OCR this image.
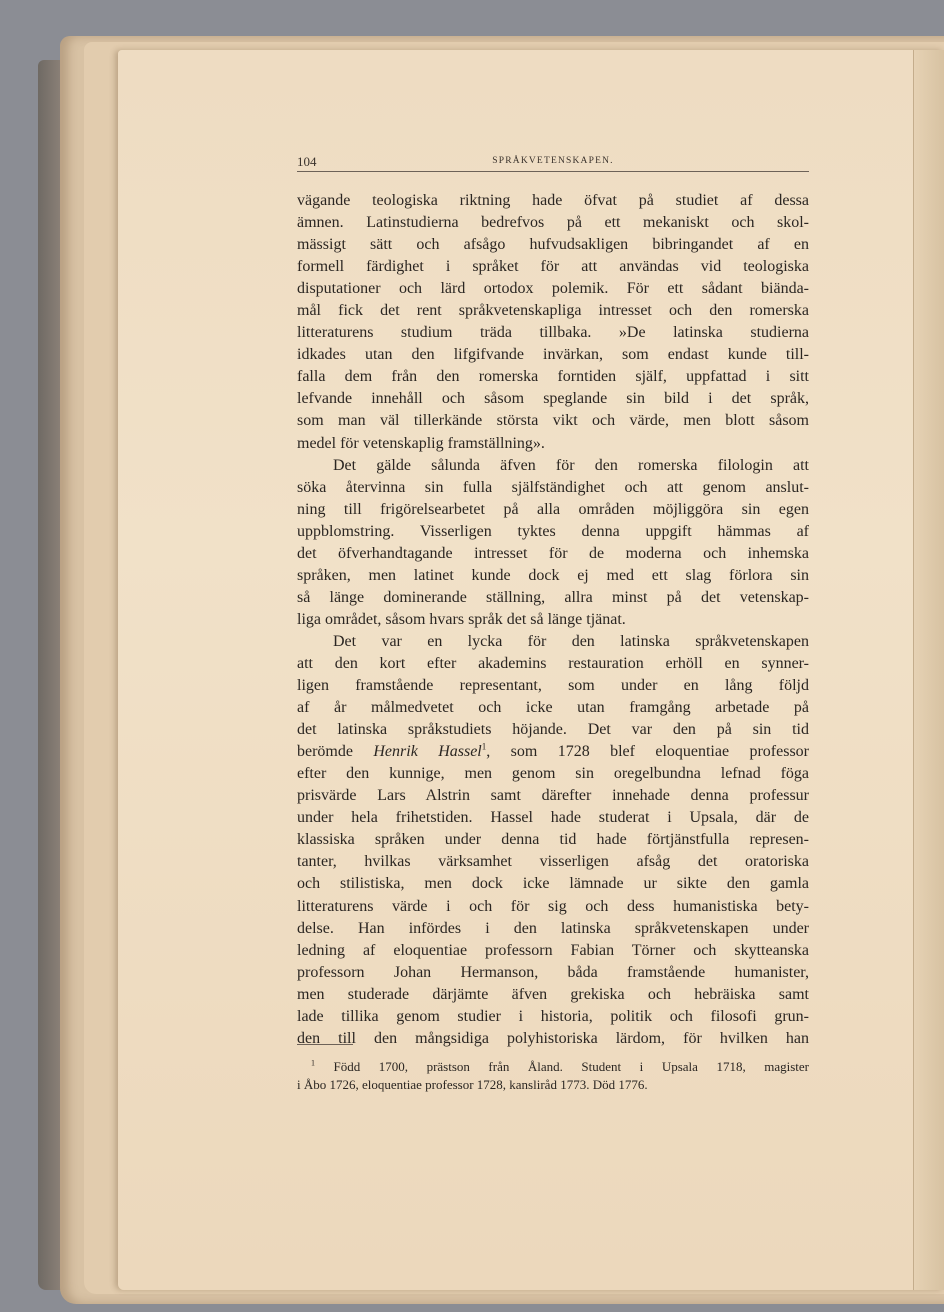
104	SPRÅKVETENSKAPEN.
vägande teologiska riktning hade öfvat på studiet af dessa
ämnen. Latinstudierna bedrefvos på ett mekaniskt och skol-
mässigt sätt och afsågo hufvudsakligen bibringandet af en
formell färdighet i språket för att användas vid teologiska
disputationer och lärd ortodox polemik. För ett sådant biända-
mål fick det rent språkvetenskapliga intresset och den romerska
litteraturens studium träda tillbaka. »De latinska studierna
idkades utan den lifgifvande invärkan, som endast kunde till-
falla dem från den romerska forntiden själf, uppfattad i sitt
lefvande innehåll och såsom speglande sin bild i det språk,
som man väl tillerkände största vikt och värde, men blott såsom
medel för vetenskaplig framställning».
Det gälde sålunda äfven för den romerska filologin att
söka återvinna sin fulla själfständighet och att genom anslut-
ning till frigörelsearbetet på alla områden möjliggöra sin egen
uppblomstring. Visserligen tyktes denna uppgift hämmas af
det öfverhandtagande intresset för de moderna och inhemska
språken, men latinet kunde dock ej med ett slag förlora sin
så länge dominerande ställning, allra minst på det vetenskap-
liga området, såsom hvars språk det så länge tjänat.
Det var en lycka för den latinska språkvetenskapen
att den kort efter akademins restauration erhöll en synner-
ligen framstående representant, som under en lång följd
af år målmedvetet och icke utan framgång arbetade på
det latinska språkstudiets höjande. Det var den på sin tid
berömde Henrik Hassel$^1$, som 1728 blef eloquentiae professor
efter den kunnige, men genom sin oregelbundna lefnad föga
prisvärde Lars Alstrin samt därefter innehade denna professur
under hela frihetstiden. Hassel hade studerat i Upsala, där de
klassiska språken under denna tid hade förtjänstfulla represen-
tanter, hvilkas värksamhet visserligen afsåg det oratoriska
och stilistiska, men dock icke lämnade ur sikte den gamla
litteraturens värde i och för sig och dess humanistiska bety-
delse. Han infördes i den latinska språkvetenskapen under
ledning af eloquentiae professorn Fabian Törner och skytteanska
professorn Johan Hermanson, båda framstående humanister,
men studerade därjämte äfven grekiska och hebräiska samt
lade tillika genom studier i historia, politik och filosofi grun-
den till den mångsidiga polyhistoriska lärdom, för hvilken han
$^1$ Född 1700, prästson från Åland. Student i Upsala 1718, magister
i Åbo 1726, eloquentiae professor 1728, kansliråd 1773. Död 1776.
